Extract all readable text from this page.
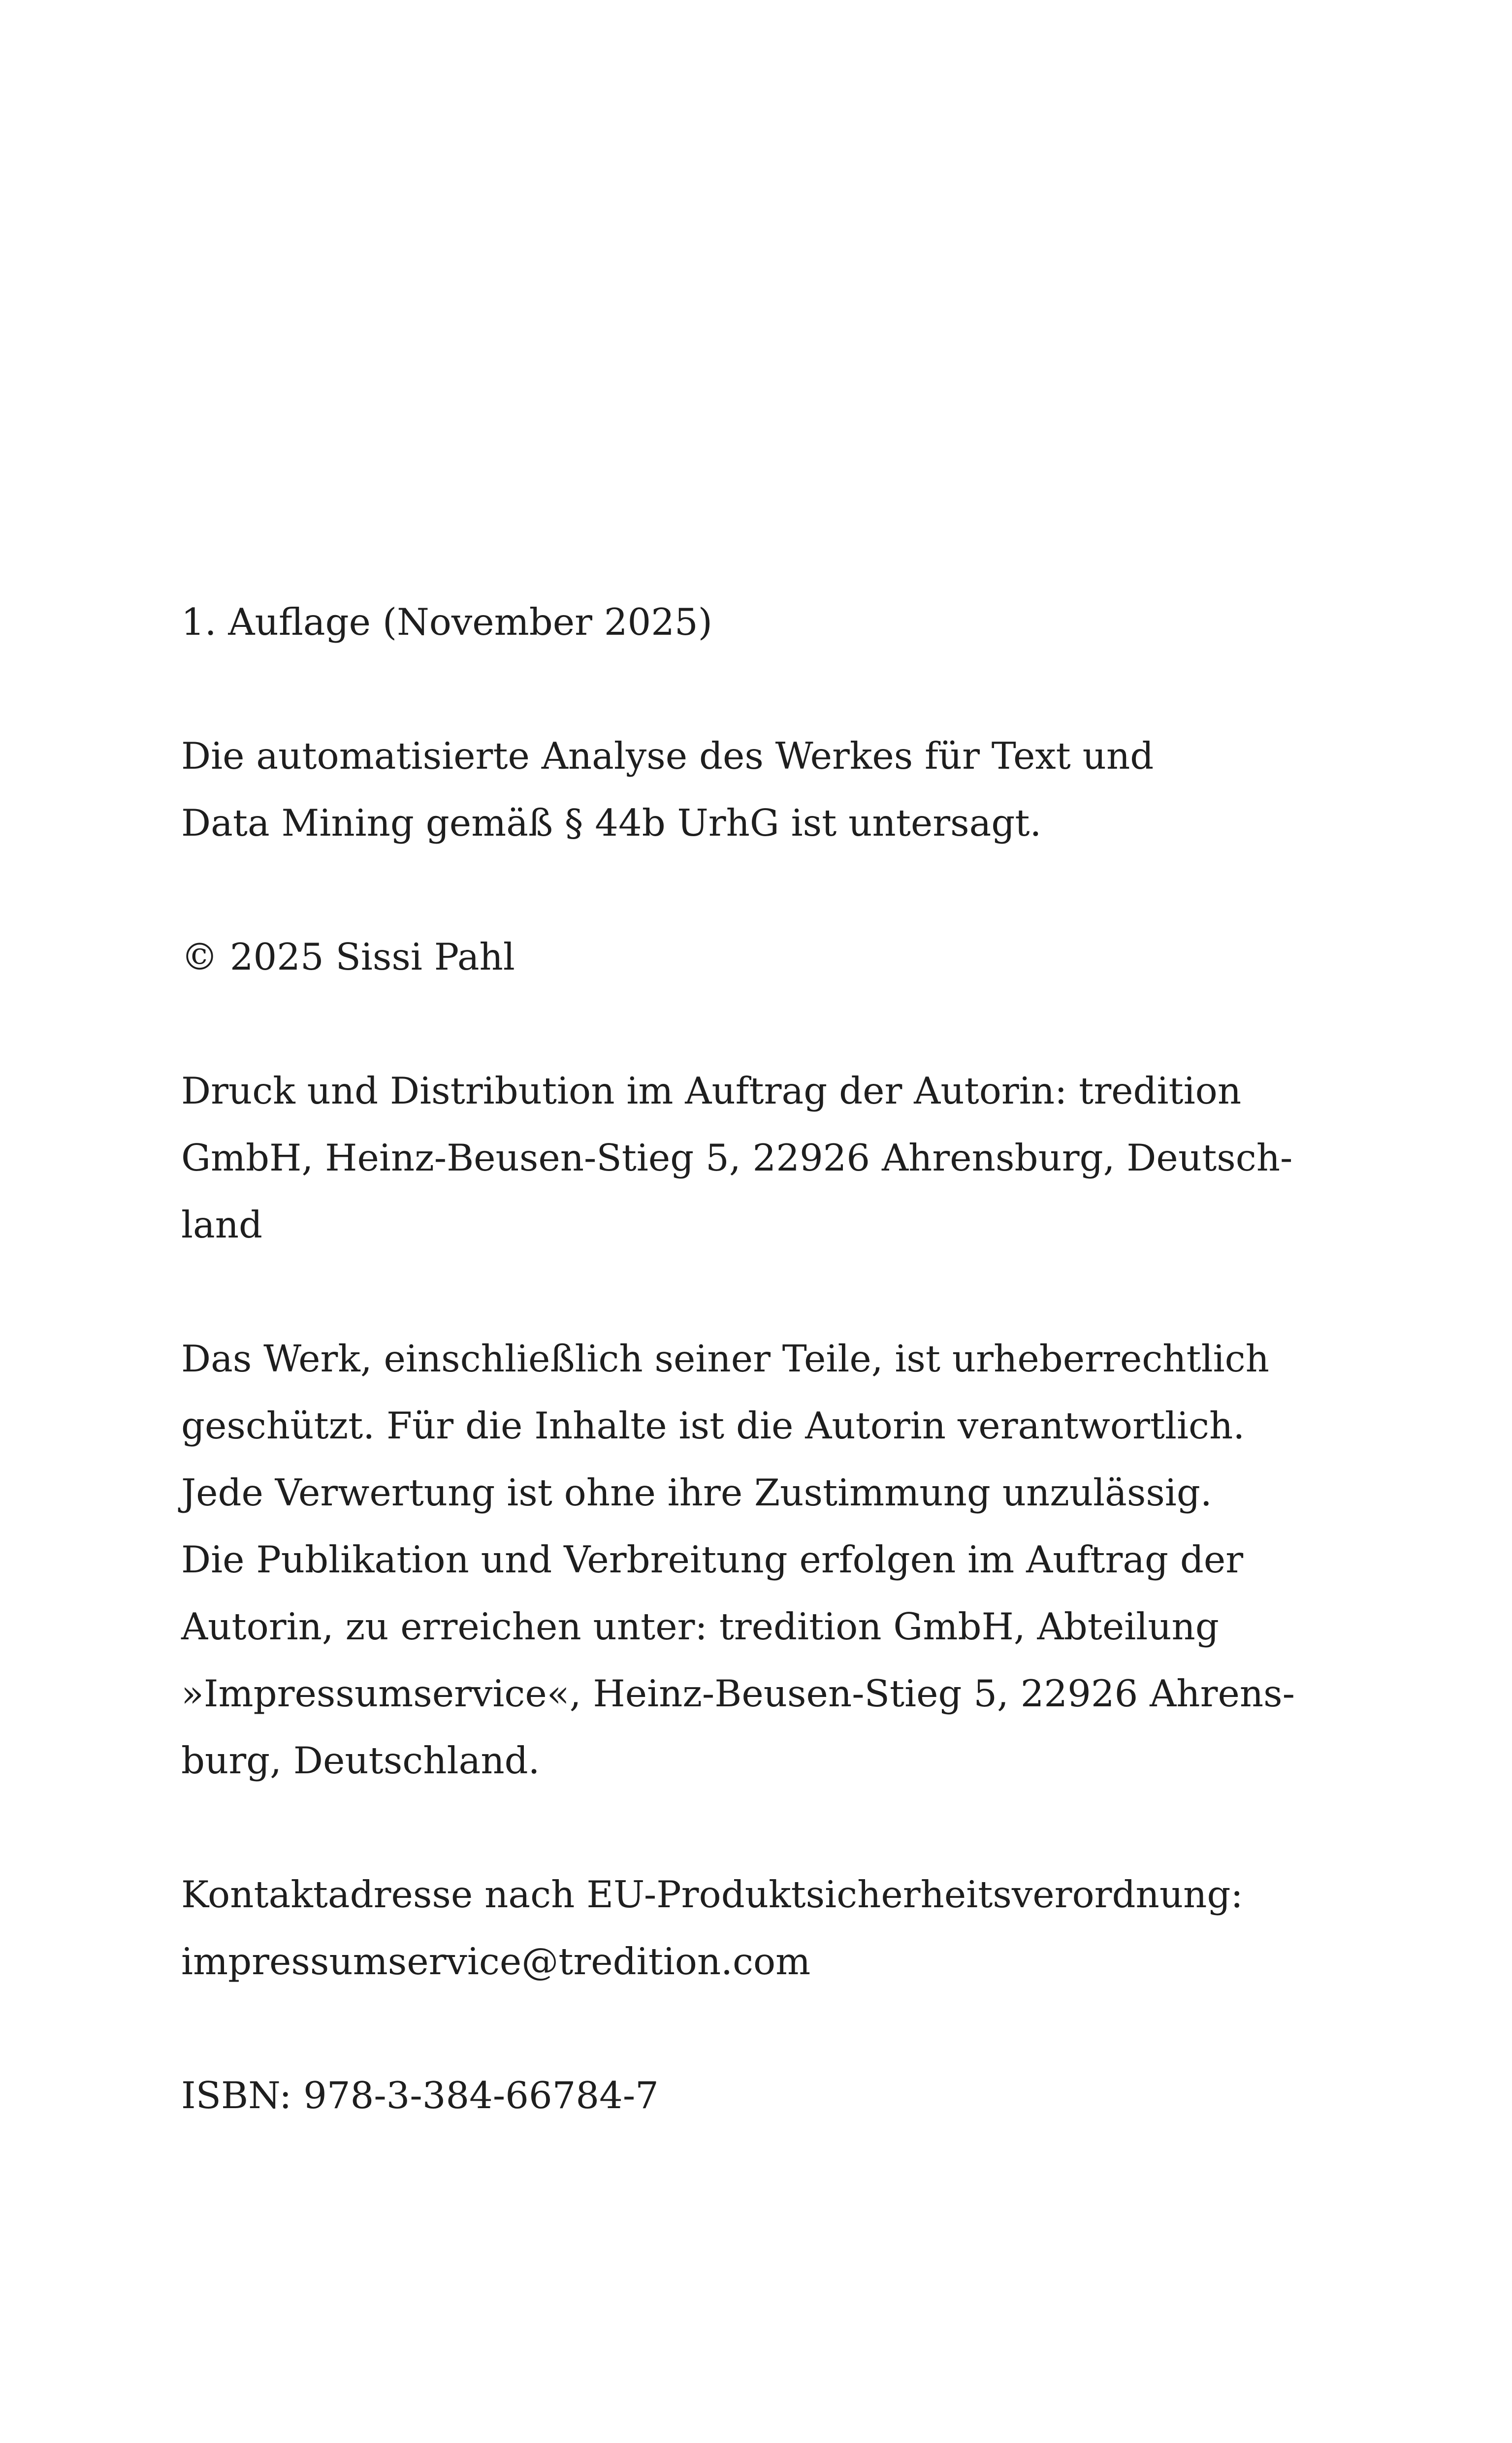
1. Auflage (November 2025)
Die automatisierte Analyse des Werkes für Text und
Data Mining gemäß § 44b UrhG ist untersagt.
© 2025 Sissi Pahl
Druck und Distribution im Auftrag der Autorin: tredition
GmbH, Heinz-Beusen-Stieg 5, 22926 Ahrensburg, Deutsch-
land
Das Werk, einschließlich seiner Teile, ist urheberrechtlich
geschützt. Für die Inhalte ist die Autorin verantwortlich.
Jede Verwertung ist ohne ihre Zustimmung unzulässig.
Die Publikation und Verbreitung erfolgen im Auftrag der
Autorin, zu erreichen unter: tredition GmbH, Abteilung
»Impressumservice«, Heinz-Beusen-Stieg 5, 22926 Ahrens-
burg, Deutschland.
Kontaktadresse nach EU-Produktsicherheitsverordnung:
impressumservice@tredition.com
ISBN: 978-3-384-66784-7
